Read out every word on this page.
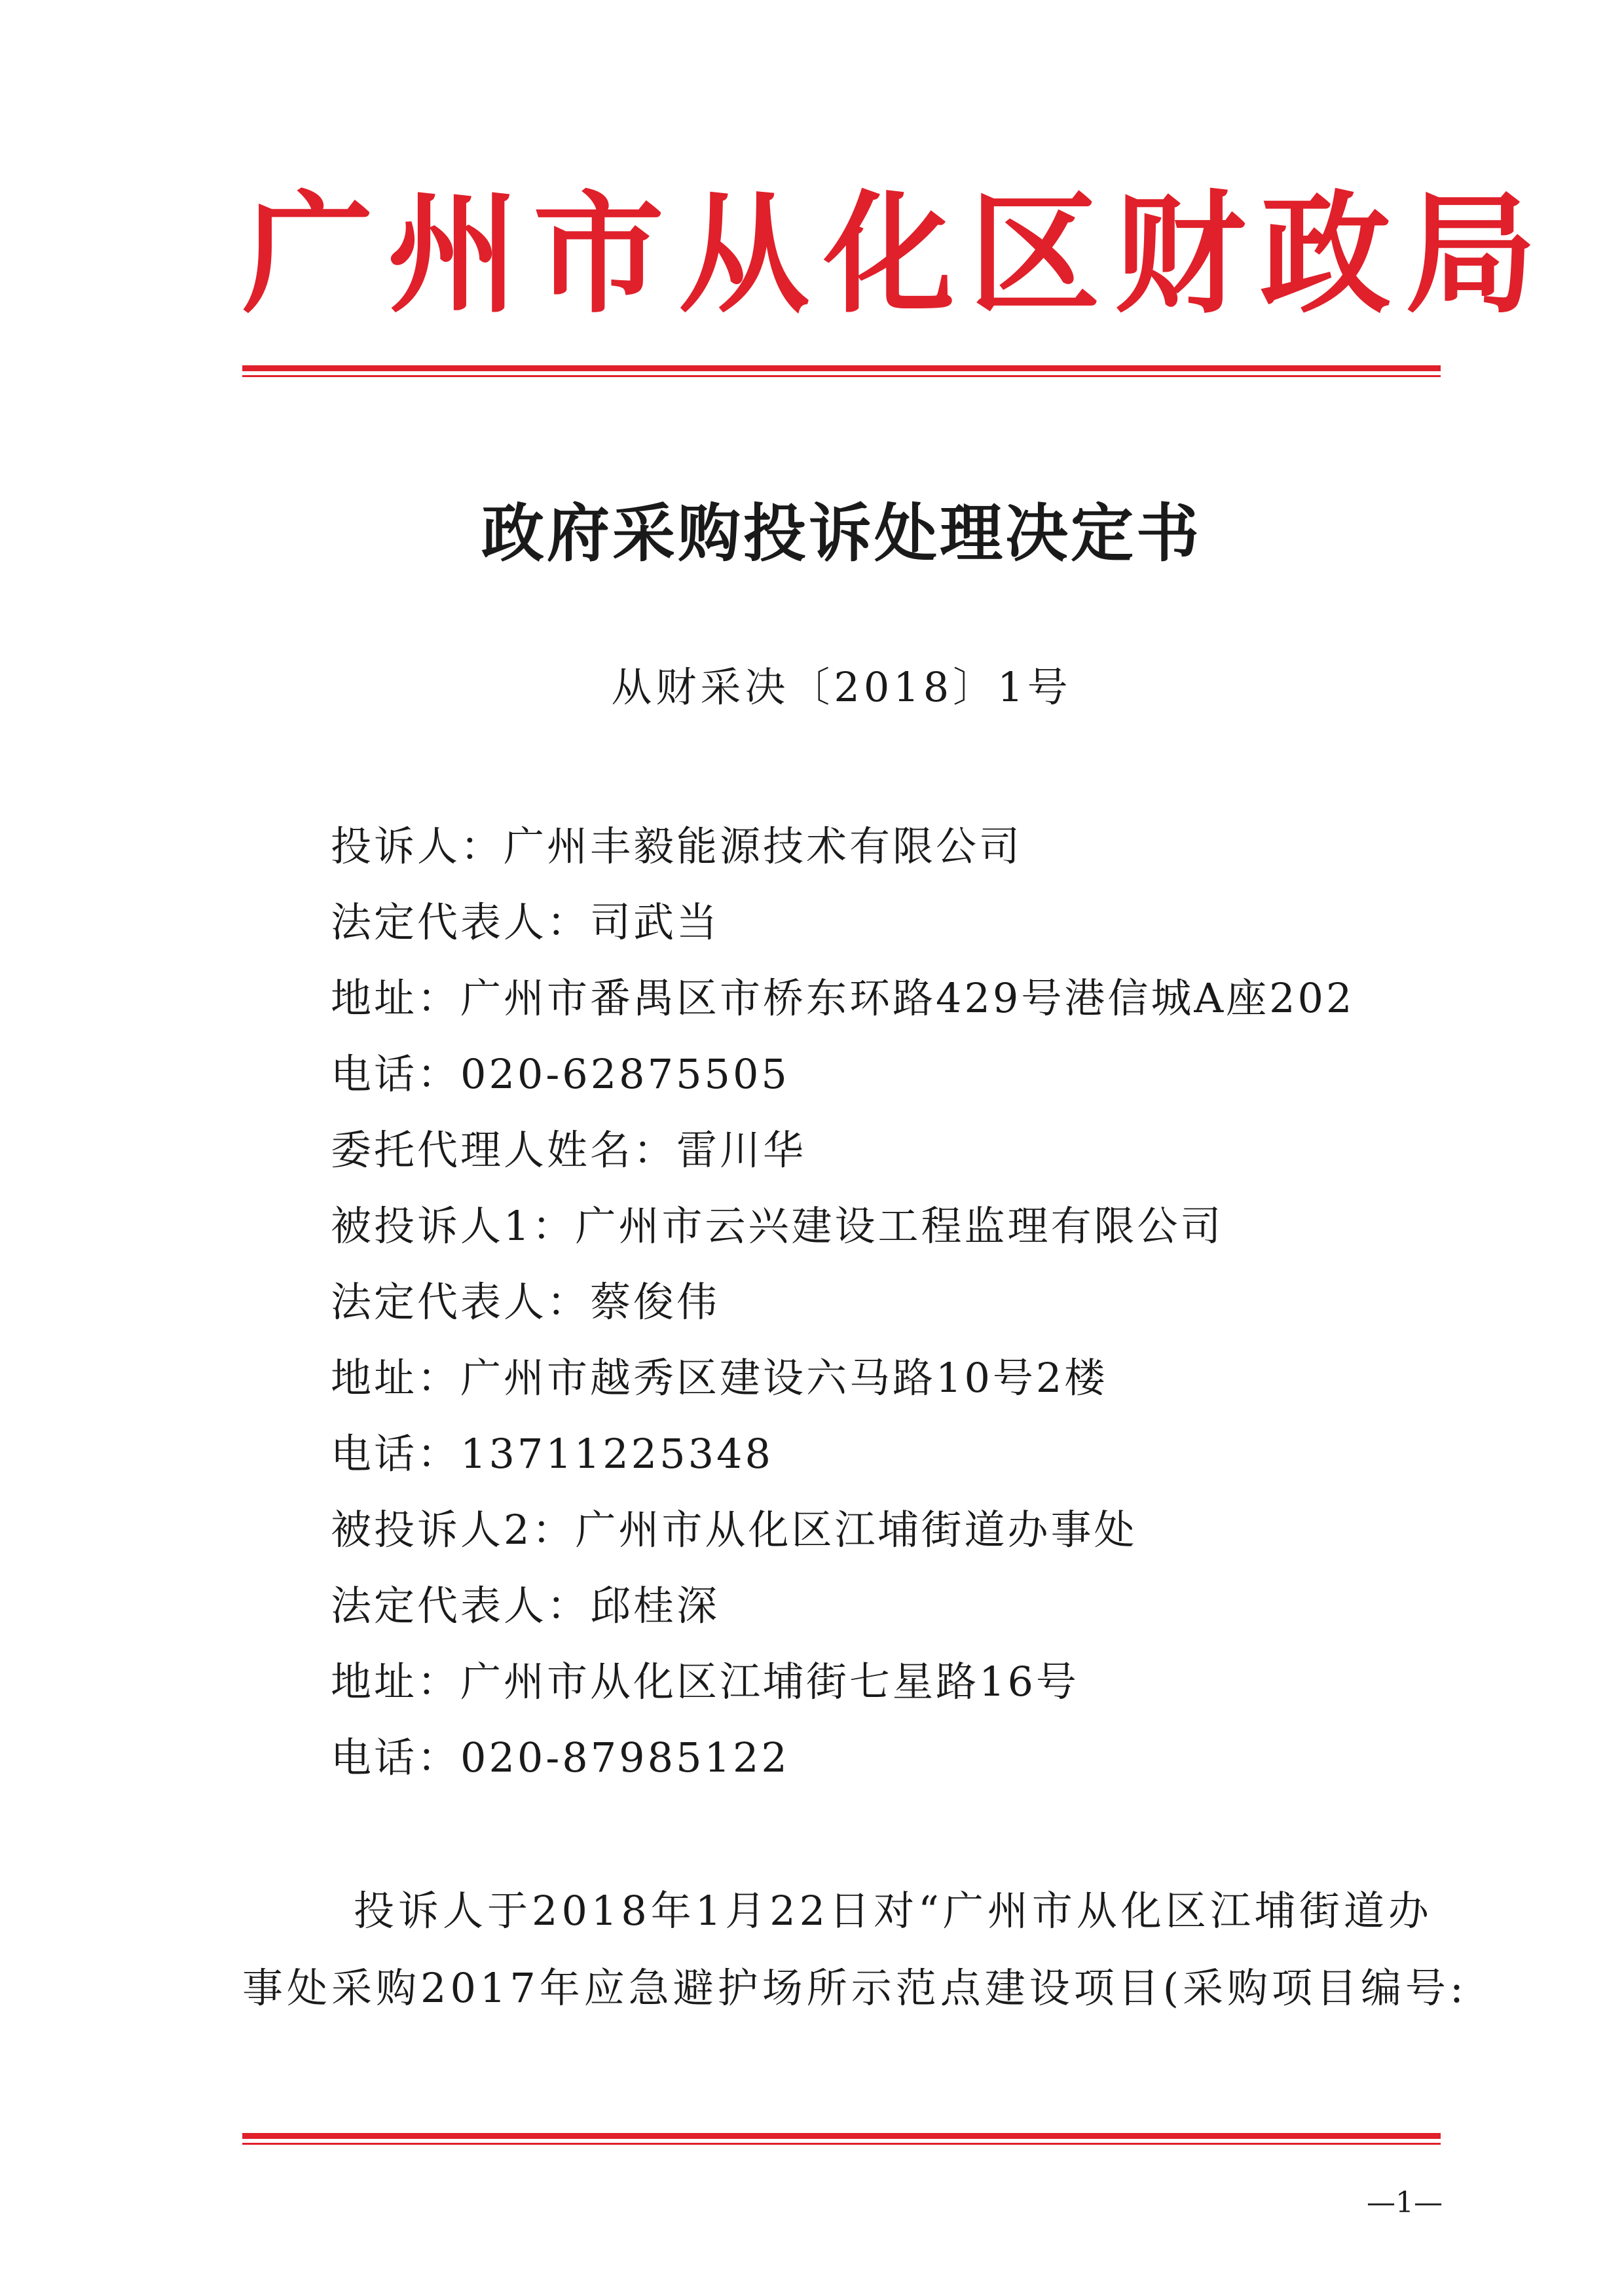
广州市从化区财政局
政府采购投诉处理决定书
从财采决〔2018〕1号
投诉人：广州丰毅能源技术有限公司
法定代表人：司武当
地址：广州市番禺区市桥东环路429号港信城A座202
电话：020-62875505
委托代理人姓名：雷川华
被投诉人1：广州市云兴建设工程监理有限公司
法定代表人：蔡俊伟
地址：广州市越秀区建设六马路10号2楼
电话：13711225348
被投诉人2：广州市从化区江埔街道办事处
法定代表人：邱桂深
地址：广州市从化区江埔街七星路16号
电话：020-87985122
投诉人于2018年1月22日对“广州市从化区江埔街道办
事处采购2017年应急避护场所示范点建设项目(采购项目编号:
—1—
